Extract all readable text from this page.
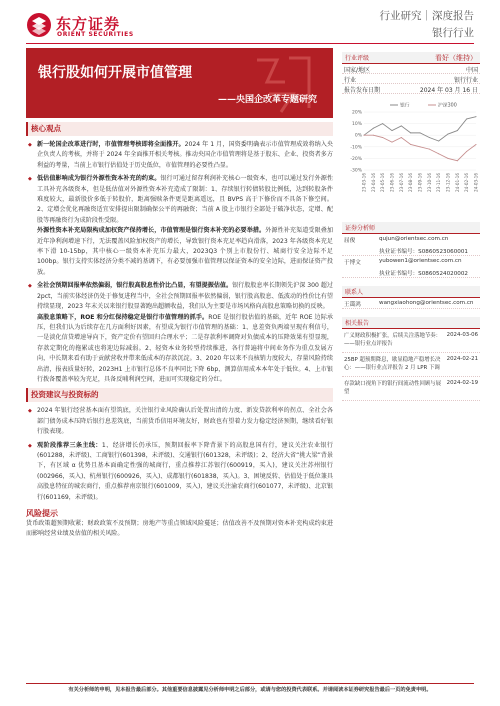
东方证券
ORIENT SECURITIES
行业研究｜深度报告
银行行业
银行股如何开展市值管理
——央国企改革专题研究
核心观点
◆ 新一轮国企改革进行时，市值管理考核即将全面推开。2024 年 1 月，国资委明确表示市值管理成效将纳入央企负责人的考核，并将于 2024 年全面推开相关考核。推动央国企市值管理将是基于股东、企业、投资者多方利益的考量，当前上市银行估值处于历史低位，市值管理的必要性凸显。
◆ 低估值影响成为银行外源性资本补充的约束。银行可通过留存利润补充核心一级资本，也可以通过发行外源性工具补充各级资本，但是低估值对外源性资本补充造成了限制：1、存续银行转债转股比例低，达到转股条件难度较大，最新股价多低于转股价，距离强赎条件更是距离遥远，且 BVPS 高于下修价而不具备下修空间。2、定增会优化再融资适宜安排提出限制确保公平的再融资；当前 A 股上市银行全部处于破净状态，定增、配股等再融资行为成阶段性受限。
外源性资本补充局限构成加权资产保持增长，市值管理是银行资本补充的必要举措。外源性补充渠道受限叠加近年净利润增速下行，无法覆盖风险加权资产的增长，导致银行资本充足率趋向滑落，2023 年各级资本充足率下滑 10-15bp，其中核心一级资本补充压力最大，2023Q3 个别上市股份行、城商行安全边际不足 100bp。银行支持实体经济分类不减的基调下，有必要加强市值管理以保证资本的安全边际，进而保证资产投放。
◆ 全社会预期回报率依然偏弱，银行股高股息性价比凸显，有望提振估值。银行股股息率长期领先沪深 300 超过 2pct，当前实体经济仍处于修复进程当中，全社会预期回报率依然偏弱，银行股高股息、低波动的性价比有望持续显现，2023 年末关以来银行股显著跑出超额收益，我们认为主要是市场风格向高股息策略切换的反映。
高股息策略下，ROE 和分红保持稳定是银行市值管理的抓手。ROE 是银行股估值的基础，近年 ROE 边际承压，但我们认为后续存在几方面利好因素，有望成为银行市值管理的基础：1、息差资负两端呈现有利信号，一是淡化信贷增速导向下，资产定价有望回归合理水平；二是存款利率调降对负债成本的压降效果有望显现，存款定期化的拖累或也将迎边际减弱。2、轻资本业务转型持续推进，各行普遍将中间业务作为重点发展方向，中长期来看有助于贡献营收并带来低成本的存款沉淀。3、2020 年以来不良核销力度较大，存量风险持续出清，报表质量好转，2023H1 上市银行总体不良率同比下降 6bp，测算信用成本本年处于低位。4、上市银行拨备覆盖率较为充足，具备反哺利润空间，进而可实现稳定的分红。
投资建议与投资标的
◆ 2024 年银行经营基本面有望筑底，关注银行业风险确认后处置出清的力度、新发贷款利率的拐点、全社会各部门债务成本压降后银行息差筑底，当前货币信用环境友好，财政也有望着力发力稳定经济预期，继续看好银行股表现。
◆ 观阶段推荐三条主线：1、经济增长仍承压，预期回报率下降背景下的高股息国有行，建议关注农业银行(601288，未评级)、工商银行(601398，未评级)、交通银行(601328，未评级)；2、经济大省“挑大梁”背景下，有区域 α 优势且基本面确定性强的城商行，重点推荐江苏银行(600919，买入)，建议关注苏州银行(002966，买入)、杭州银行(600926，买入)、成都银行(601838，买入)。3、困境反转、估值处于低位兼具高股息特征的城农商行，重点推荐南京银行(601009，买入)，建议关注渝农商行(601077，未评级)、北京银行(601169，未评级)。
风险提示
货币政策超预期收紧；财政政策不及预期；房地产等重点领域风险蔓延；估值改善不及预期对资本补充构成约束进而影响经营业绩及估值的相关风险。
行业评级	看好（维持）
国家/地区	中国
行业	银行行业
报告发布日期	2024 年 03 月 16 日
20%
10%
0%
-10%
-20%
-30%
23-03-16 23-04-16 23-05-16 23-06-16 23-07-16 23-08-16 23-09-16 23-10-16 23-11-16 23-12-16 24-01-16 24-02-16 24-03-16
银行	沪深300
证券分析师
屈俊	qujun@orientsec.com.cn
执业证书编号：S0860523060001
于博文	yubowen1@orientsec.com.cn
执业证书编号：S0860524020002
联系人
王霭鸿	wangxiaohong@orientsec.com.cn
相关报告
广义财政积极扩张，后续关注落地节奏：——银行业点评报告
2024-03-06
25BP 超预期降息，歇显稳地产稳增长决心：——银行业点评报告 2 月 LPR 下调
2024-02-21
存款缺口视角下的银行间流动性回顾与展望
2024-02-19
有关分析师的申明，见本报告最后部分。其他重要信息披露见分析师申明之后部分，或请与您的投资代表联系。并请阅读本证券研究报告最后一页的免责申明。
